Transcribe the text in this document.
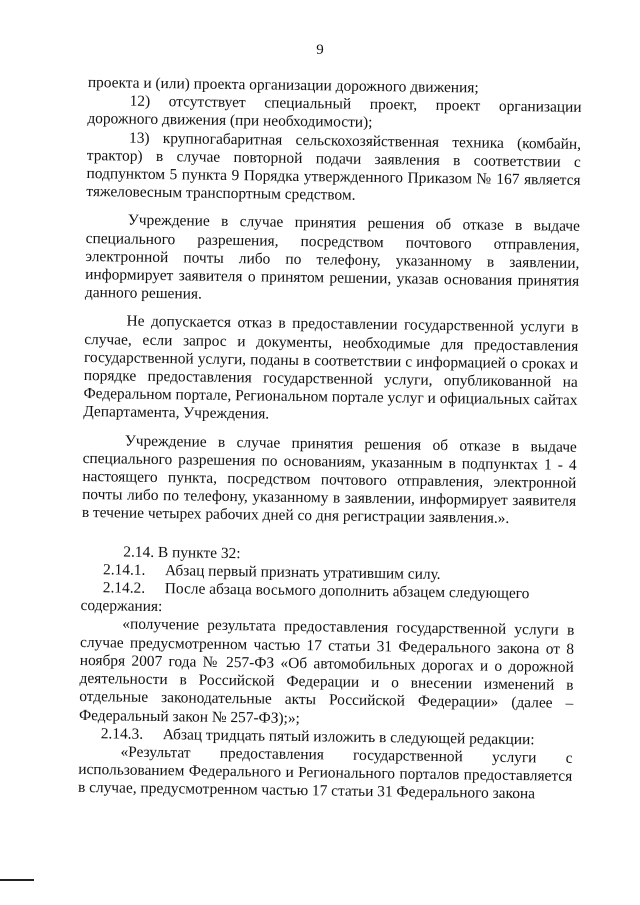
9

проекта и (или) проекта организации дорожного движения;

12) отсутствует специальный проект, проект организации дорожного движения (при необходимости);

13) крупногабаритная сельскохозяйственная техника (комбайн, трактор) в случае повторной подачи заявления в соответствии с подпунктом 5 пункта 9 Порядка утвержденного Приказом № 167 является тяжеловесным транспортным средством.

Учреждение в случае принятия решения об отказе в выдаче специального разрешения, посредством почтового отправления, электронной почты либо по телефону, указанному в заявлении, информирует заявителя о принятом решении, указав основания принятия данного решения.

Не допускается отказ в предоставлении государственной услуги в случае, если запрос и документы, необходимые для предоставления государственной услуги, поданы в соответствии с информацией о сроках и порядке предоставления государственной услуги, опубликованной на Федеральном портале, Региональном портале услуг и официальных сайтах Департамента, Учреждения.

Учреждение в случае принятия решения об отказе в выдаче специального разрешения по основаниям, указанным в подпунктах 1 - 4 настоящего пункта, посредством почтового отправления, электронной почты либо по телефону, указанному в заявлении, информирует заявителя в течение четырех рабочих дней со дня регистрации заявления.».

2.14. В пункте 32:

2.14.1.	Абзац первый признать утратившим силу.
2.14.2.	После абзаца восьмого дополнить абзацем следующего

содержания:

«получение результата предоставления государственной услуги в случае предусмотренном частью 17 статьи 31 Федерального закона от 8 ноября 2007 года № 257-ФЗ «Об автомобильных дорогах и о дорожной деятельности в Российской Федерации и о внесении изменений в отдельные законодательные акты Российской Федерации» (далее – Федеральный закон № 257-ФЗ);»;

2.14.3.	Абзац тридцать пятый изложить в следующей редакции:

«Результат предоставления государственной услуги с использованием Федерального и Регионального порталов предоставляется в случае, предусмотренном частью 17 статьи 31 Федерального закона
